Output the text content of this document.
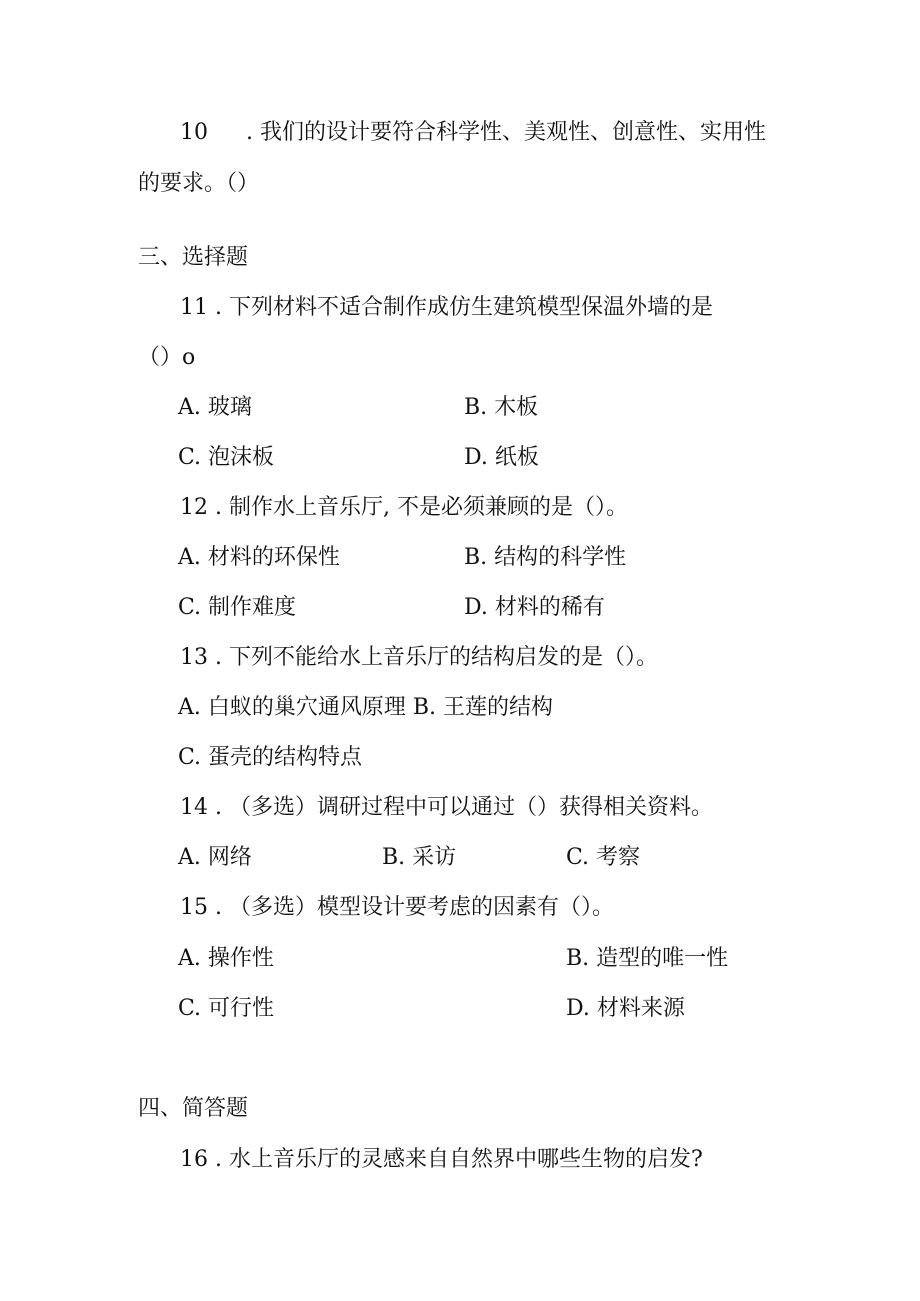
10 . 我们的设计要符合科学性、美观性、创意性、实用性

的要求。（）

三、选择题

11 . 下列材料不适合制作成仿生建筑模型保温外墙的是

（）o

A. 玻璃	B. 木板

C. 泡沫板	D. 纸板

12 . 制作水上音乐厅, 不是必须兼顾的是（）。

A. 材料的环保性	B. 结构的科学性

C. 制作难度	D. 材料的稀有

13 . 下列不能给水上音乐厅的结构启发的是（）。

A. 白蚁的巢穴通风原理 B. 王莲的结构

C. 蛋壳的结构特点

14 . （多选）调研过程中可以通过（）获得相关资料。

A. 网络	B. 采访	C. 考察

15 . （多选）模型设计要考虑的因素有（）。

A. 操作性	B. 造型的唯一性

C. 可行性	D. 材料来源

四、简答题

16 . 水上音乐厅的灵感来自自然界中哪些生物的启发?
